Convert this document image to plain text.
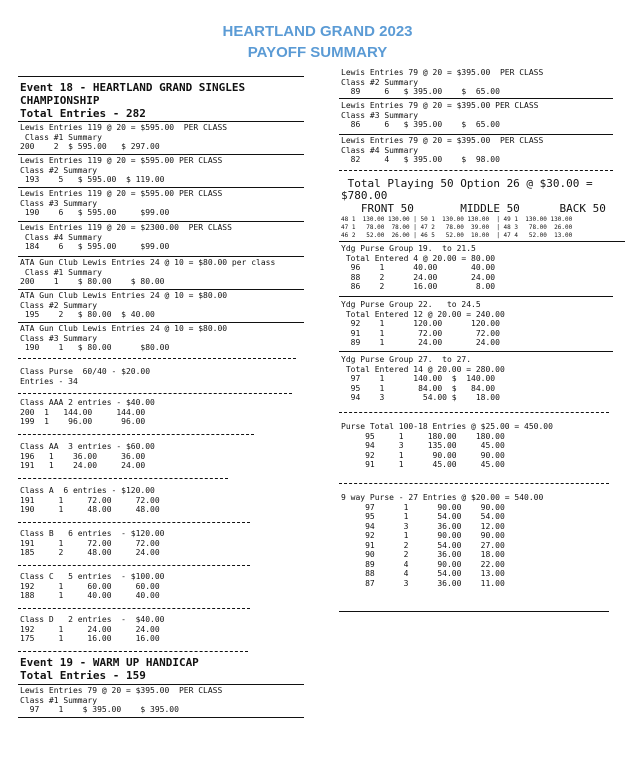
HEARTLAND GRAND 2023
PAYOFF SUMMARY
Event 18 - HEARTLAND GRAND SINGLES
CHAMPIONSHIP
Total Entries - 282
Lewis Entries 119 @ 20 = $595.00  PER CLASS
Class #1 Summary
200    2  $ 595.00   $ 297.00
Lewis Entries 119 @ 20 = $595.00 PER CLASS
Class #2 Summary
193    5   $ 595.00  $ 119.00
Lewis Entries 119 @ 20 = $595.00 PER CLASS
Class #3 Summary
190    6   $ 595.00     $99.00
Lewis Entries 119 @ 20 = $2300.00  PER CLASS
Class #4 Summary
184    6   $ 595.00     $99.00
ATA Gun Club Lewis Entries 24 @ 10 = $80.00 per class
Class #1 Summary
200    1    $ 80.00    $ 80.00
ATA Gun Club Lewis Entries 24 @ 10 = $80.00
Class #2 Summary
195    2   $ 80.00  $ 40.00
ATA Gun Club Lewis Entries 24 @ 10 = $80.00
Class #3 Summary
190    1   $ 80.00      $80.00
Class Purse  60/40 - $20.00
Entries - 34
Class AAA 2 entries - $40.00
200  1   144.00     144.00
199  1    96.00      96.00
Class AA  3 entries - $60.00
196   1    36.00     36.00
191   1    24.00     24.00
Class A  6 entries - $120.00
191     1     72.00     72.00
190     1     48.00     48.00
Class B   6 entries  - $120.00
191     1     72.00     72.00
185     2     48.00     24.00
Class C   5 entries  - $100.00
192     1     60.00     60.00
188     1     40.00     40.00
Class D   2 entries  -  $40.00
192     1     24.00     24.00
175     1     16.00     16.00
Event 19 - WARM UP HANDICAP
Total Entries - 159
Lewis Entries 79 @ 20 = $395.00  PER CLASS
Class #1 Summary
97    1    $ 395.00    $ 395.00
Lewis Entries 79 @ 20 = $395.00  PER CLASS
Class #2 Summary
89     6   $ 395.00    $  65.00
Lewis Entries 79 @ 20 = $395.00 PER CLASS
Class #3 Summary
86     6   $ 395.00    $  65.00
Lewis Entries 79 @ 20 = $395.00  PER CLASS
Class #4 Summary
82     4   $ 395.00    $  98.00
Total Playing 50 Option 26 @ $30.00 =
$780.00
FRONT 50       MIDDLE 50      BACK 50
48 1  130.00 130.00 | 50 1  130.00 130.00  | 49 1  130.00 130.00
47 1   78.00  78.00 | 47 2   78.00  39.00  | 48 3   78.00  26.00
46 2   52.00  26.00 | 46 5   52.00  10.00  | 47 4   52.00  13.00
Ydg Purse Group 19.  to 21.5
Total Entered 4 @ 20.00 = 80.00
96    1      40.00       40.00
88    2      24.00       24.00
86    2      16.00        8.00
Ydg Purse Group 22.   to 24.5
Total Entered 12 @ 20.00 = 240.00
92    1      120.00      120.00
91    1       72.00       72.00
89    1       24.00       24.00
Ydg Purse Group 27.  to 27.
Total Entered 14 @ 20.00 = 280.00
97    1      140.00  $  140.00
95    1       84.00  $   84.00
94    3        54.00 $    18.00
Purse Total 100-18 Entries @ $25.00 = 450.00
95     1     180.00    180.00
94     3     135.00     45.00
92     1      90.00     90.00
91     1      45.00     45.00
9 way Purse - 27 Entries @ $20.00 = 540.00
97      1      90.00    90.00
95      1      54.00    54.00
94      3      36.00    12.00
92      1      90.00    90.00
91      2      54.00    27.00
90      2      36.00    18.00
89      4      90.00    22.00
88      4      54.00    13.00
87      3      36.00    11.00
